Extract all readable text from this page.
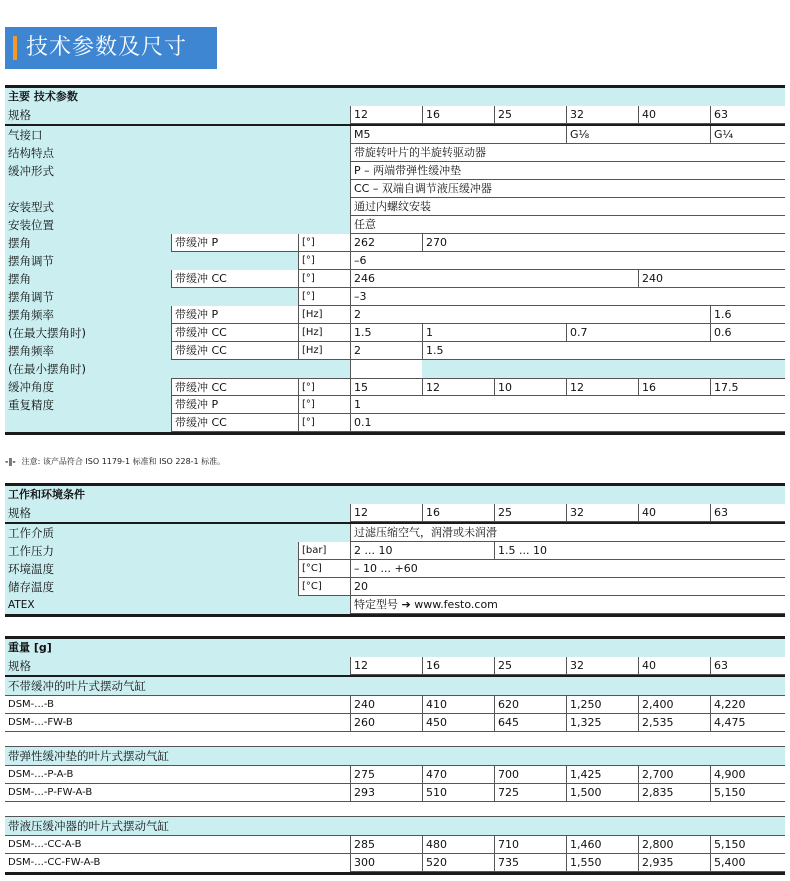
技术参数及尺寸
主要 技术参数
规格	12	16	25	32	40	63
气接口	M5	G⅛	G¼
结构特点	带旋转叶片的半旋转驱动器
缓冲形式	P – 两端带弹性缓冲垫
CC – 双端自调节液压缓冲器
安装型式	通过内螺纹安装
安装位置	任意
摆角	带缓冲 P	[°]	262	270
摆角调节	[°]	–6
摆角	带缓冲 CC	[°]	246	240
摆角调节	[°]	–3
摆角频率	带缓冲 P	[Hz]	2	1.6
(在最大摆角时)	带缓冲 CC	[Hz]	1.5	1	0.7	0.6
摆角频率	带缓冲 CC	[Hz]	2	1.5
(在最小摆角时)
缓冲角度	带缓冲 CC	[°]	15	12	10	12	16	17.5
重复精度	带缓冲 P	[°]	1
带缓冲 CC	[°]	0.1
-‖- 注意: 该产品符合 ISO 1179-1 标准和 ISO 228-1 标准。
工作和环境条件
规格	12	16	25	32	40	63
工作介质	过滤压缩空气，润滑或未润滑
工作压力	[bar]	2 ... 10	1.5 ... 10
环境温度	[°C]	– 10 ... +60
储存温度	[°C]	20
ATEX	特定型号 ➔ www.festo.com
重量 [g]
规格	12	16	25	32	40	63
不带缓冲的叶片式摆动气缸
DSM-...-B	240	410	620	1,250	2,400	4,220
DSM-...-FW-B	260	450	645	1,325	2,535	4,475
带弹性缓冲垫的叶片式摆动气缸
DSM-...-P-A-B	275	470	700	1,425	2,700	4,900
DSM-...-P-FW-A-B	293	510	725	1,500	2,835	5,150
带液压缓冲器的叶片式摆动气缸
DSM-...-CC-A-B	285	480	710	1,460	2,800	5,150
DSM-...-CC-FW-A-B	300	520	735	1,550	2,935	5,400
